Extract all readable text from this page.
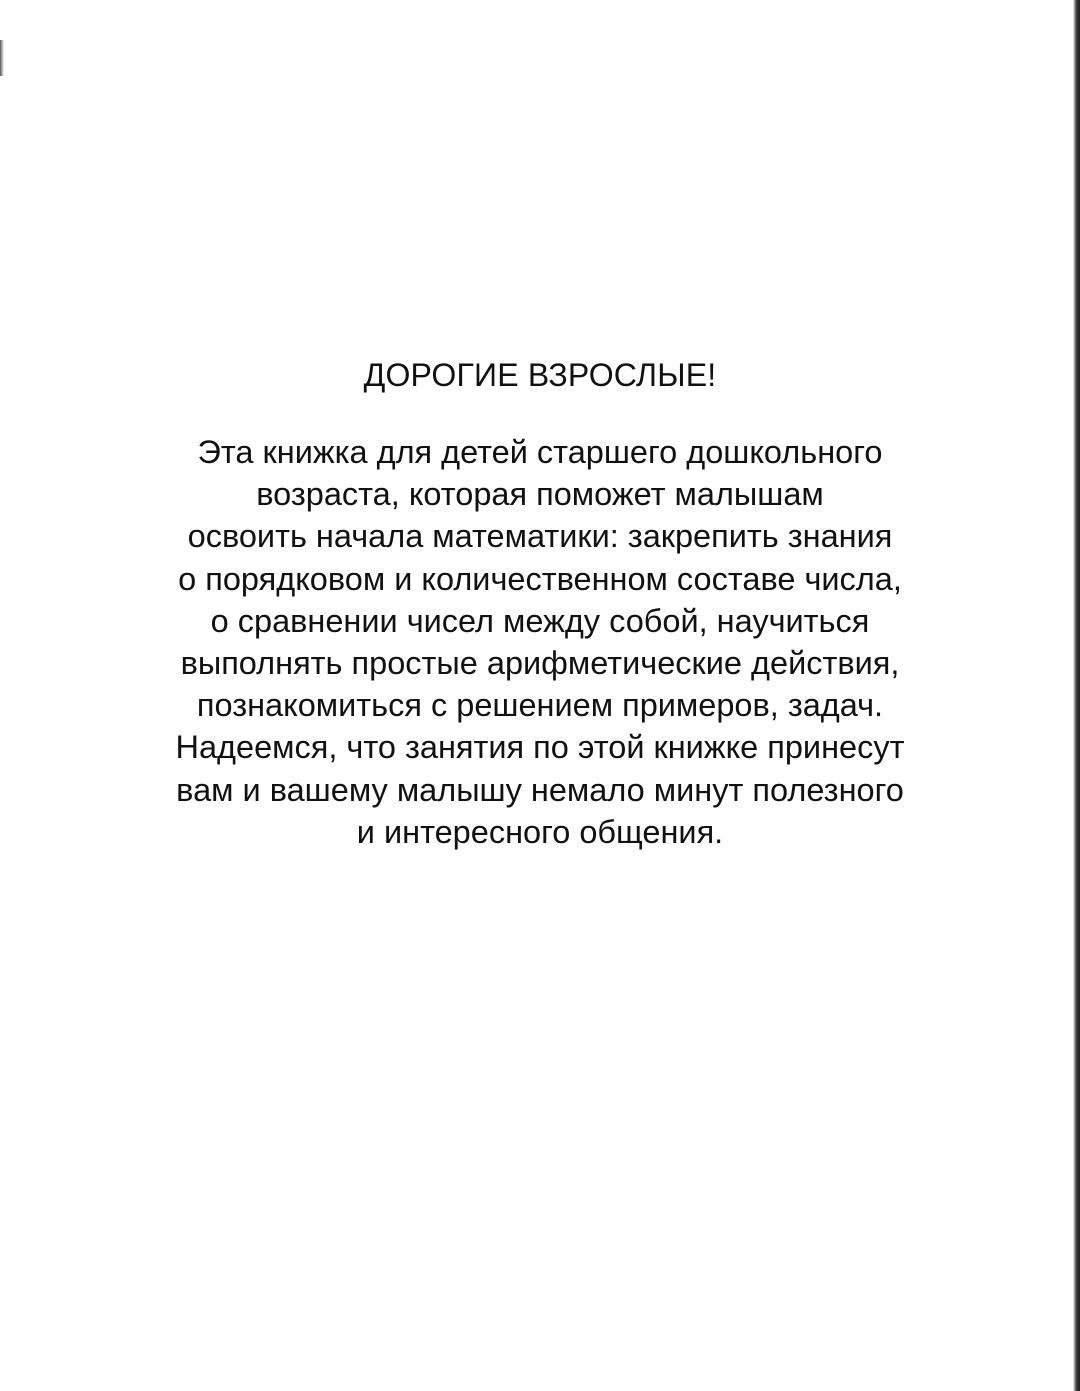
ДОРОГИЕ ВЗРОСЛЫЕ!

Эта книжка для детей старшего дошкольного
возраста, которая поможет малышам
освоить начала математики: закрепить знания
о порядковом и количественном составе числа,
о сравнении чисел между собой, научиться
выполнять простые арифметические действия,
познакомиться с решением примеров, задач.
Надеемся, что занятия по этой книжке принесут
вам и вашему малышу немало минут полезного
и интересного общения.
